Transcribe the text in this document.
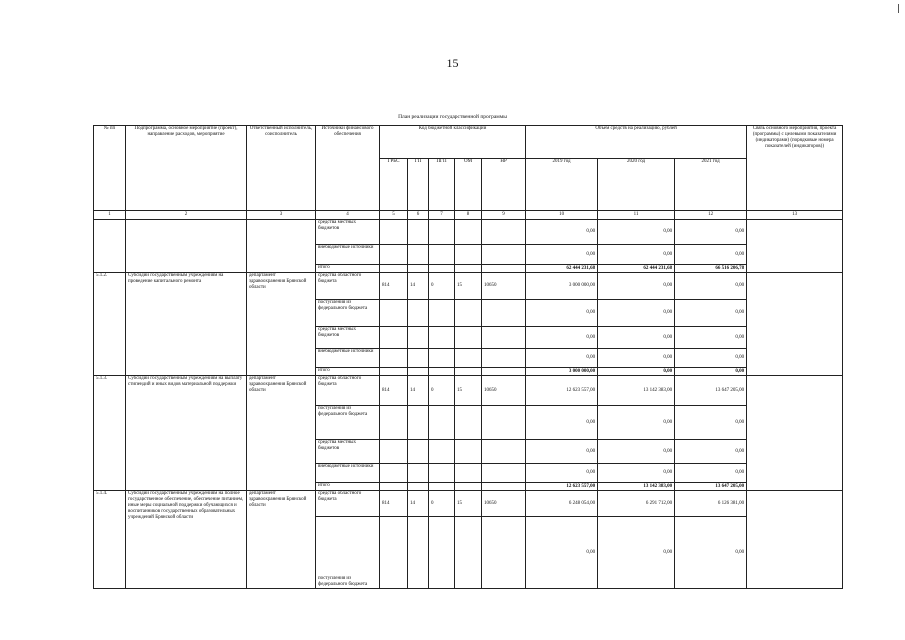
15
План реализации государственной программы
№ пп	Подпрограмма, основное мероприятие (проект), направление расходов, мероприятие	Ответственный исполнитель, соисполнитель	Источники финансового обеспечения	Код бюджетной классификации					Объём средств на реализацию, рублей			Связь основного мероприятия, проекта (программы) с целевыми показателями (индикаторами) (порядковые номера показателей (индикаторов))
				ГРБС	ГП	ПГП	ОМ	НР	2019 год	2020 год	2021 год	
1	2	3	4	5	6	7	8	9	10	11	12	13
			средства местных бюджетов						0,00	0,00	0,00	
			внебюджетные источники						0,00	0,00	0,00	
			итого						62 444 231,68	62 444 231,68	66 516 206,78	
5.1.2.	Субсидии государственным учреждениям на проведение капитального ремонта	департамент здравоохранения Брянской области	средства областного бюджета	814	14	0	15	10650	3 000 000,00	0,00	0,00	
			поступления из федерального бюджета						0,00	0,00	0,00	
			средства местных бюджетов						0,00	0,00	0,00	
			внебюджетные источники						0,00	0,00	0,00	
			итого						3 000 000,00	0,00	0,00	
5.1.3.	Субсидии государственным учреждениям на выплату стипендий и иных видов материальной поддержки	департамент здравоохранения Брянской области	средства областного бюджета	814	14	0	15	10650	12 623 557,00	13 142 383,00	13 647 205,00	
			поступления из федерального бюджета						0,00	0,00	0,00	
			средства местных бюджетов						0,00	0,00	0,00	
			внебюджетные источники						0,00	0,00	0,00	
			итого						12 623 557,00	13 142 383,00	13 647 205,00	
5.1.4.	Субсидии государственным учреждениям на полное государственное обеспечение, обеспечение питанием, иные меры социальной поддержки обучающихся и воспитанников государственных образовательных учреждений Брянской области	департамент здравоохранения Брянской области	средства областного бюджета	814	14	0	15	10650	6 248 054,00	6 291 712,00	6 126 381,00	
			поступления из федерального бюджета						0,00	0,00	0,00	
